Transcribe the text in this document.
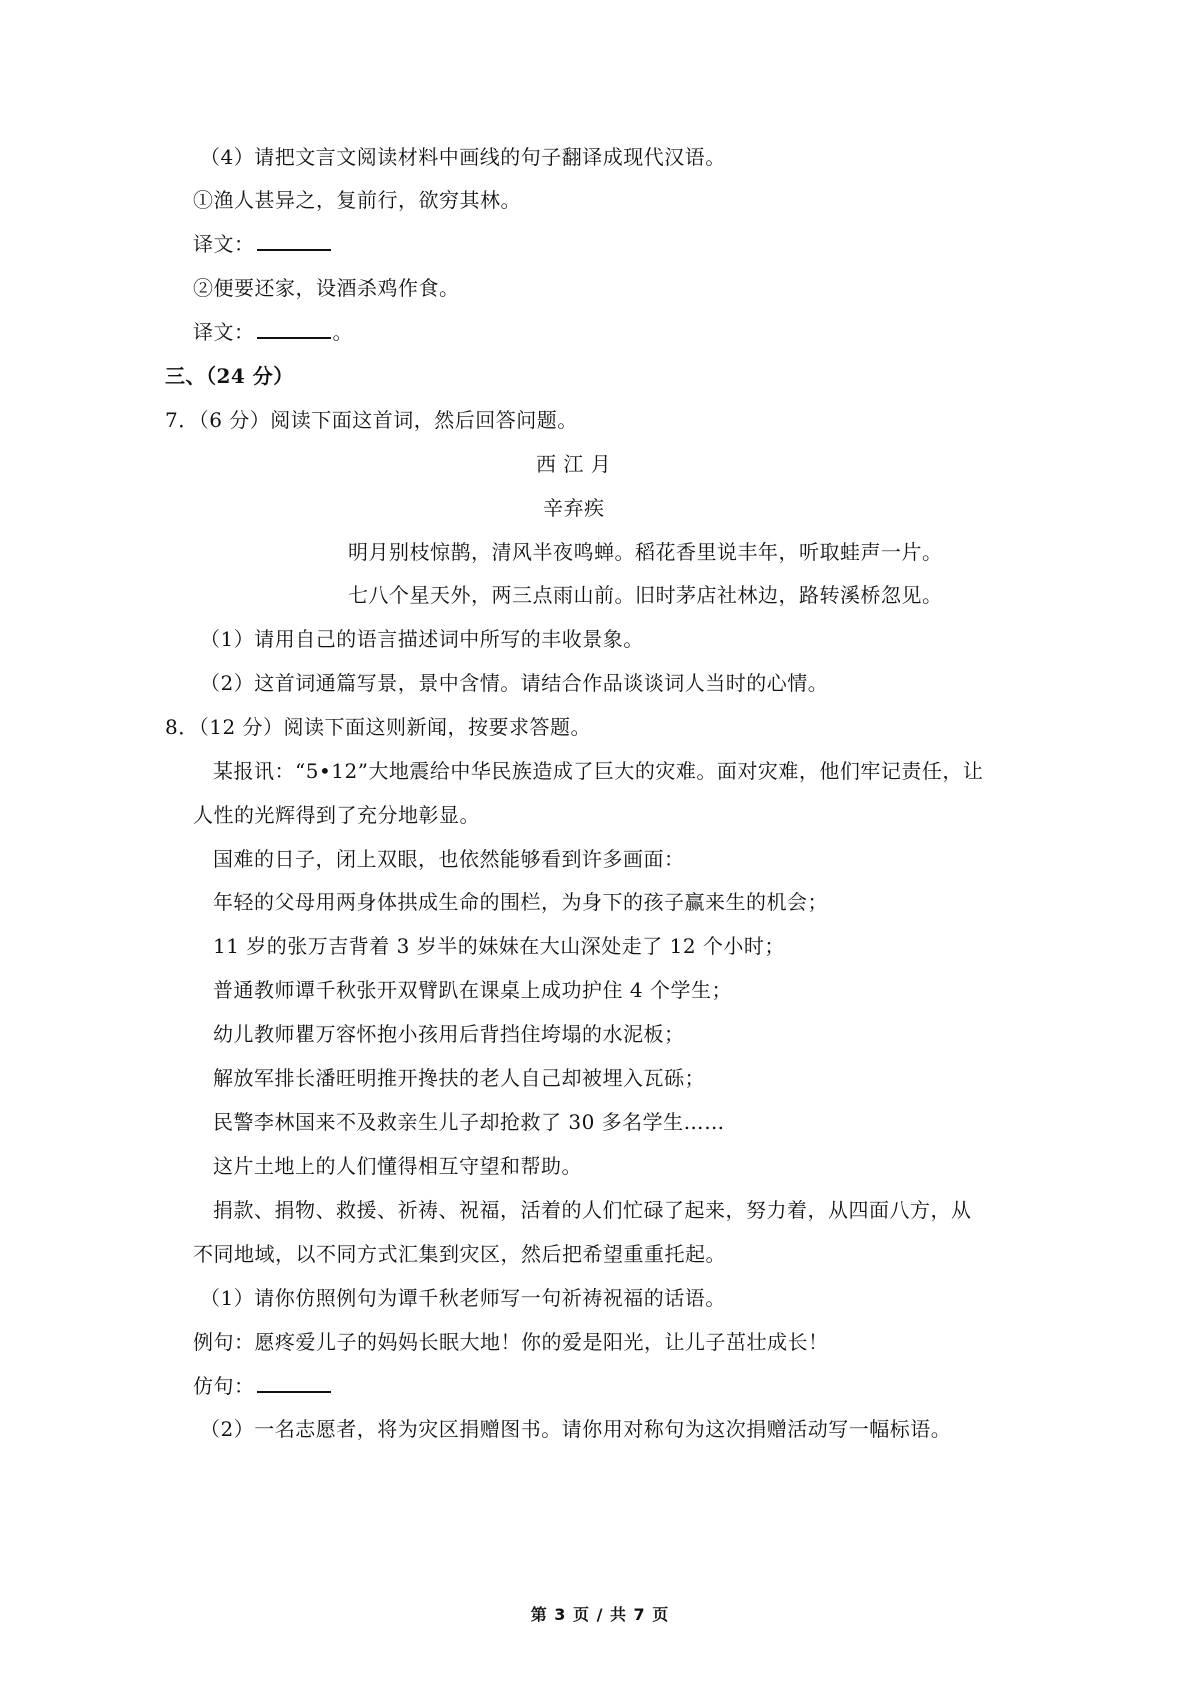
（4）请把文言文阅读材料中画线的句子翻译成现代汉语。
①渔人甚异之，复前行，欲穷其林。
译文：
②便要还家，设酒杀鸡作食。
译文：	。
三、（24 分）
7．（6 分）阅读下面这首词，然后回答问题。
西 江 月
辛弃疾
明月别枝惊鹊，清风半夜鸣蝉。稻花香里说丰年，听取蛙声一片。
七八个星天外，两三点雨山前。旧时茅店社林边，路转溪桥忽见。
（1）请用自己的语言描述词中所写的丰收景象。
（2）这首词通篇写景，景中含情。请结合作品谈谈词人当时的心情。
8．（12 分）阅读下面这则新闻，按要求答题。
某报讯：“5•12”大地震给中华民族造成了巨大的灾难。面对灾难，他们牢记责任，让
人性的光辉得到了充分地彰显。
国难的日子，闭上双眼，也依然能够看到许多画面：
年轻的父母用两身体拱成生命的围栏，为身下的孩子赢来生的机会；
11 岁的张万吉背着 3 岁半的妹妹在大山深处走了 12 个小时；
普通教师谭千秋张开双臂趴在课桌上成功护住 4 个学生；
幼儿教师瞿万容怀抱小孩用后背挡住垮塌的水泥板；
解放军排长潘旺明推开搀扶的老人自己却被埋入瓦砾；
民警李林国来不及救亲生儿子却抢救了 30 多名学生……
这片土地上的人们懂得相互守望和帮助。
捐款、捐物、救援、祈祷、祝福，活着的人们忙碌了起来，努力着，从四面八方，从
不同地域，以不同方式汇集到灾区，然后把希望重重托起。
（1）请你仿照例句为谭千秋老师写一句祈祷祝福的话语。
例句：愿疼爱儿子的妈妈长眠大地！你的爱是阳光，让儿子茁壮成长！
仿句：
（2）一名志愿者，将为灾区捐赠图书。请你用对称句为这次捐赠活动写一幅标语。
第 3 页 / 共 7 页
